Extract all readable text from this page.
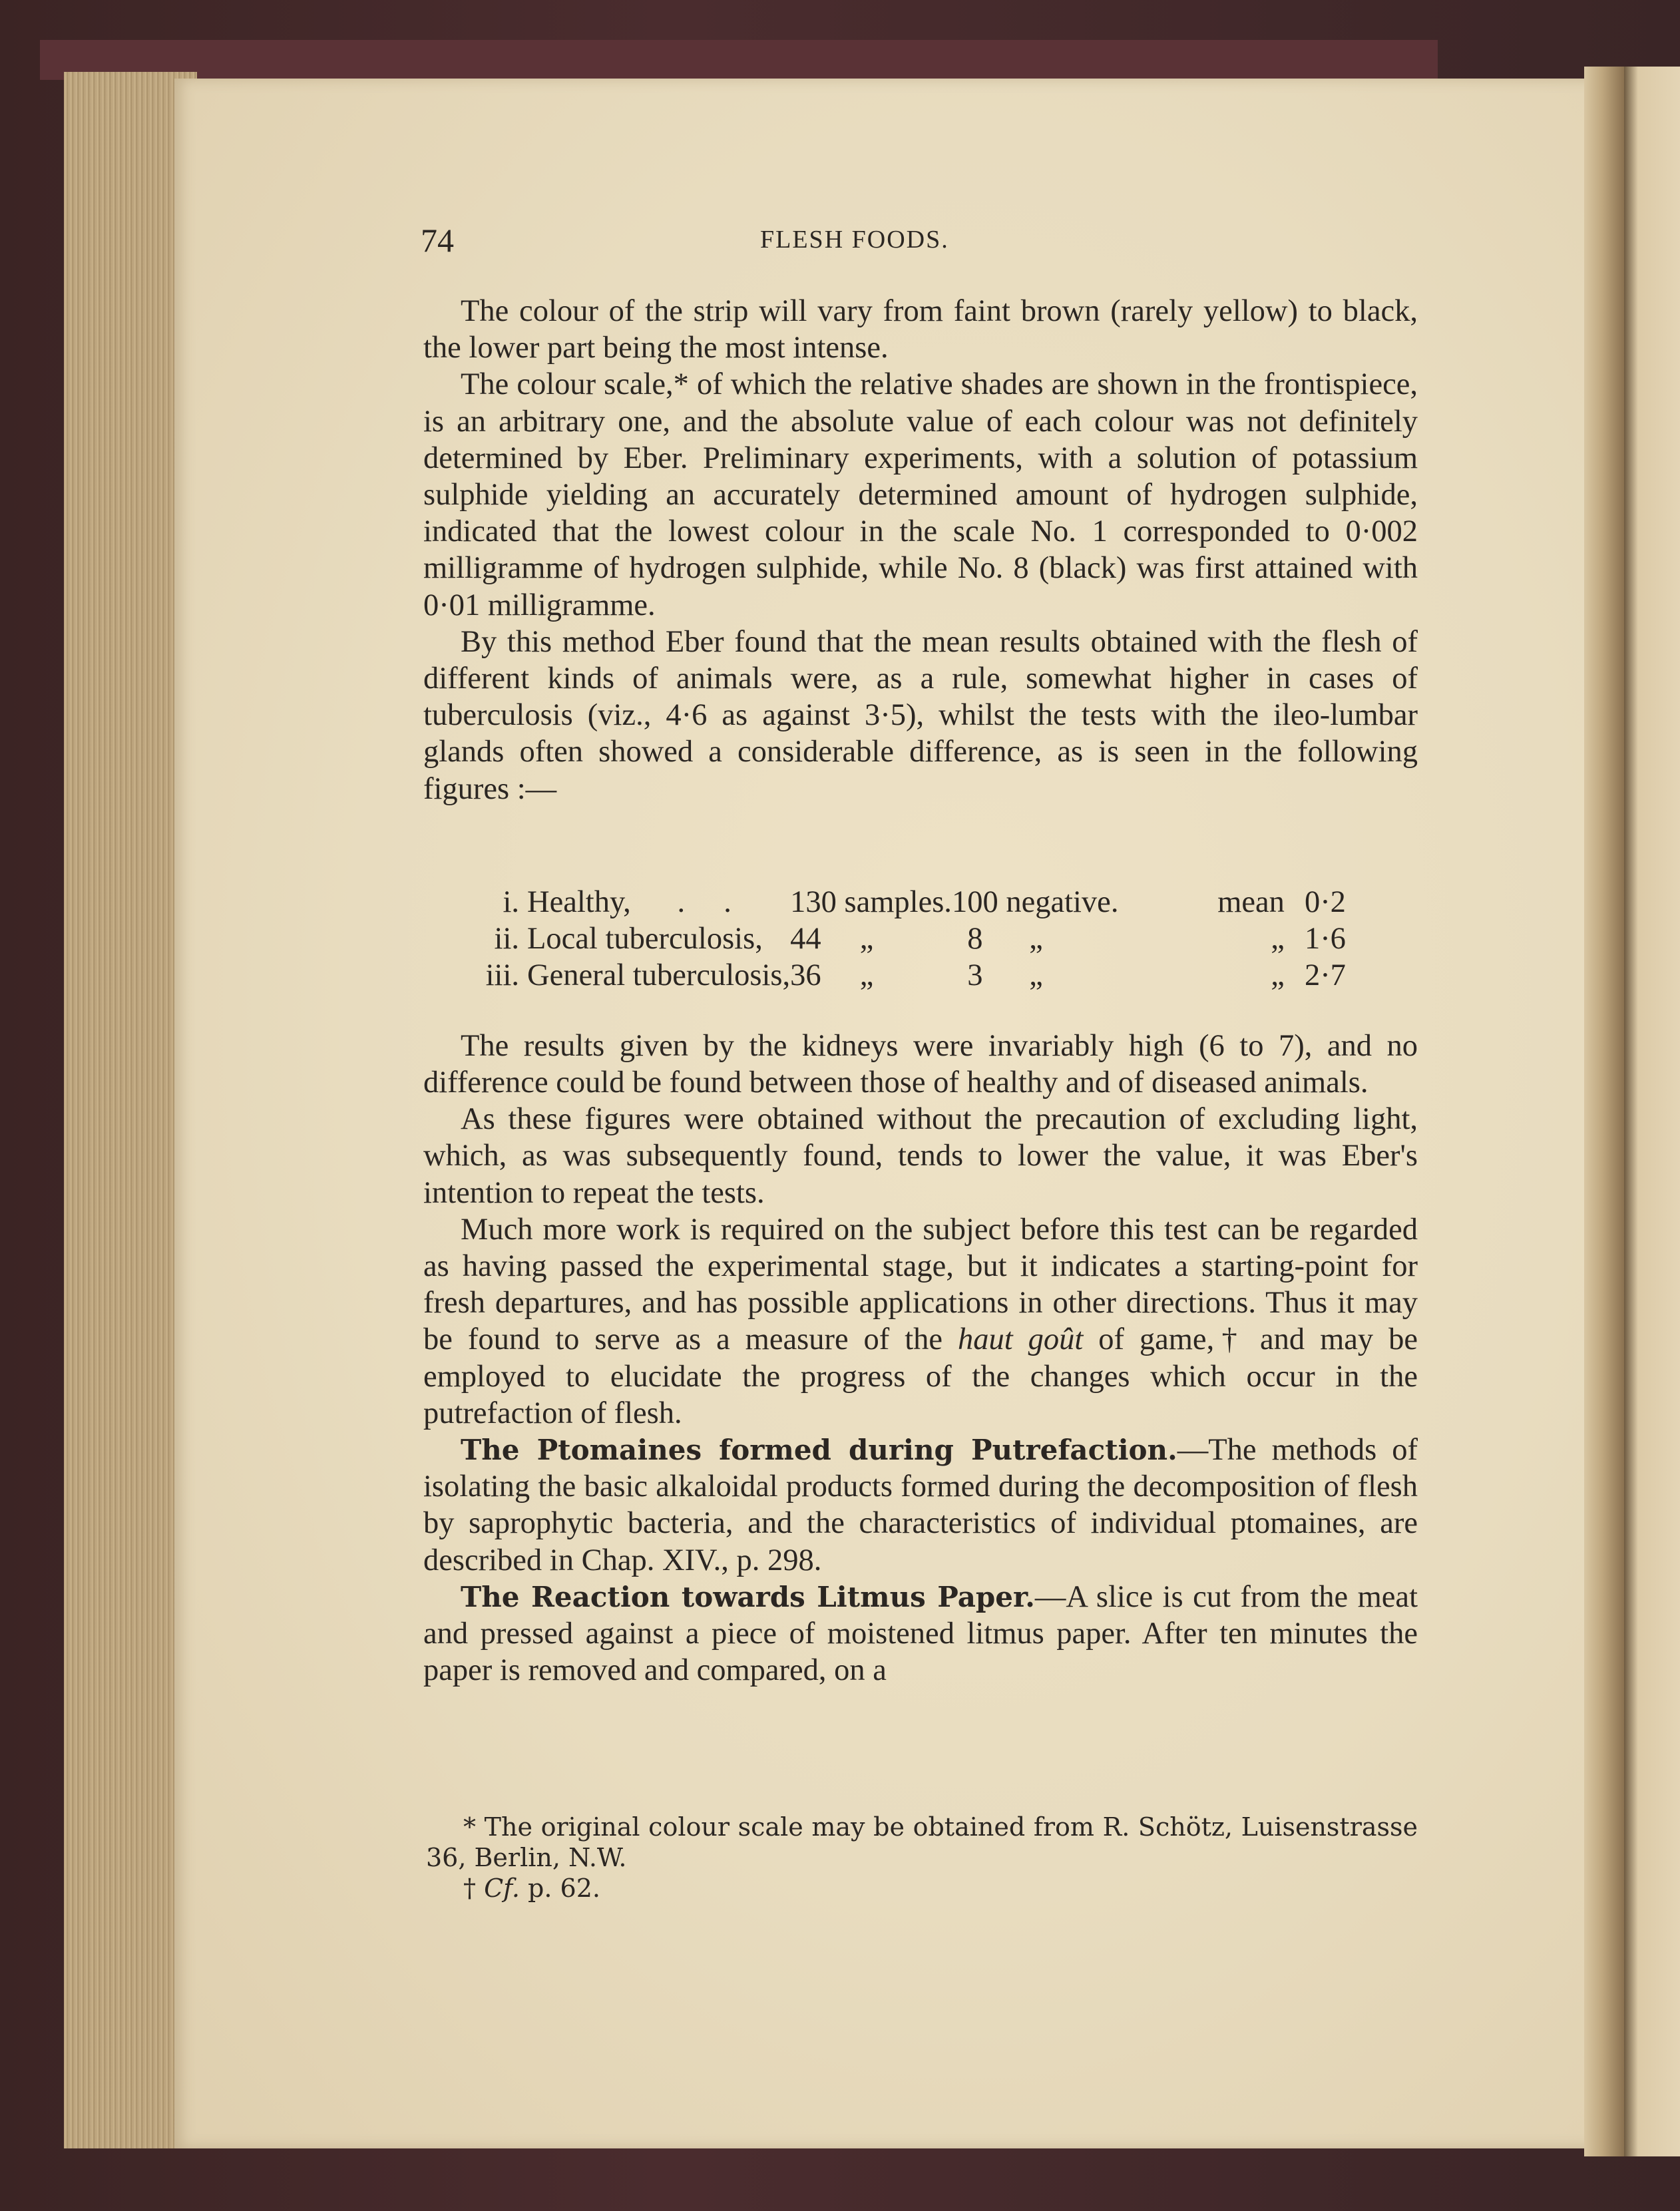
74	FLESH FOODS.

The colour of the strip will vary from faint brown (rarely yellow) to black, the lower part being the most intense.

The colour scale,* of which the relative shades are shown in the frontispiece, is an arbitrary one, and the absolute value of each colour was not definitely determined by Eber. Preliminary experiments, with a solution of potassium sulphide yielding an accurately determined amount of hydrogen sulphide, indicated that the lowest colour in the scale No. 1 corresponded to 0·002 milligramme of hydrogen sulphide, while No. 8 (black) was first attained with 0·01 milligramme.

By this method Eber found that the mean results obtained with the flesh of different kinds of animals were, as a rule, somewhat higher in cases of tuberculosis (viz., 4·6 as against 3·5), whilst the tests with the ileo-lumbar glands often showed a considerable difference, as is seen in the following figures :—

The results given by the kidneys were invariably high (6 to 7), and no difference could be found between those of healthy and of diseased animals.

As these figures were obtained without the precaution of excluding light, which, as was subsequently found, tends to lower the value, it was Eber's intention to repeat the tests.

Much more work is required on the subject before this test can be regarded as having passed the experimental stage, but it indicates a starting-point for fresh departures, and has possible applications in other directions. Thus it may be found to serve as a measure of the haut goût of game,† and may be employed to elucidate the progress of the changes which occur in the putrefaction of flesh.

The Ptomaines formed during Putrefaction.—The methods of isolating the basic alkaloidal products formed during the decomposition of flesh by saprophytic bacteria, and the characteristics of individual ptomaines, are described in Chap. XIV., p. 298.

The Reaction towards Litmus Paper.—A slice is cut from the meat and pressed against a piece of moistened litmus paper. After ten minutes the paper is removed and compared, on a

i.	Healthy,      .     .	130 samples.	100 negative.	mean	0·2
ii.	Local tuberculosis,	44     „	8      „	„	1·6
iii.	General tuberculosis,	36     „	3      „	„	2·7

* The original colour scale may be obtained from R. Schötz, Luisenstrasse 36, Berlin, N.W.

† Cf. p. 62.
